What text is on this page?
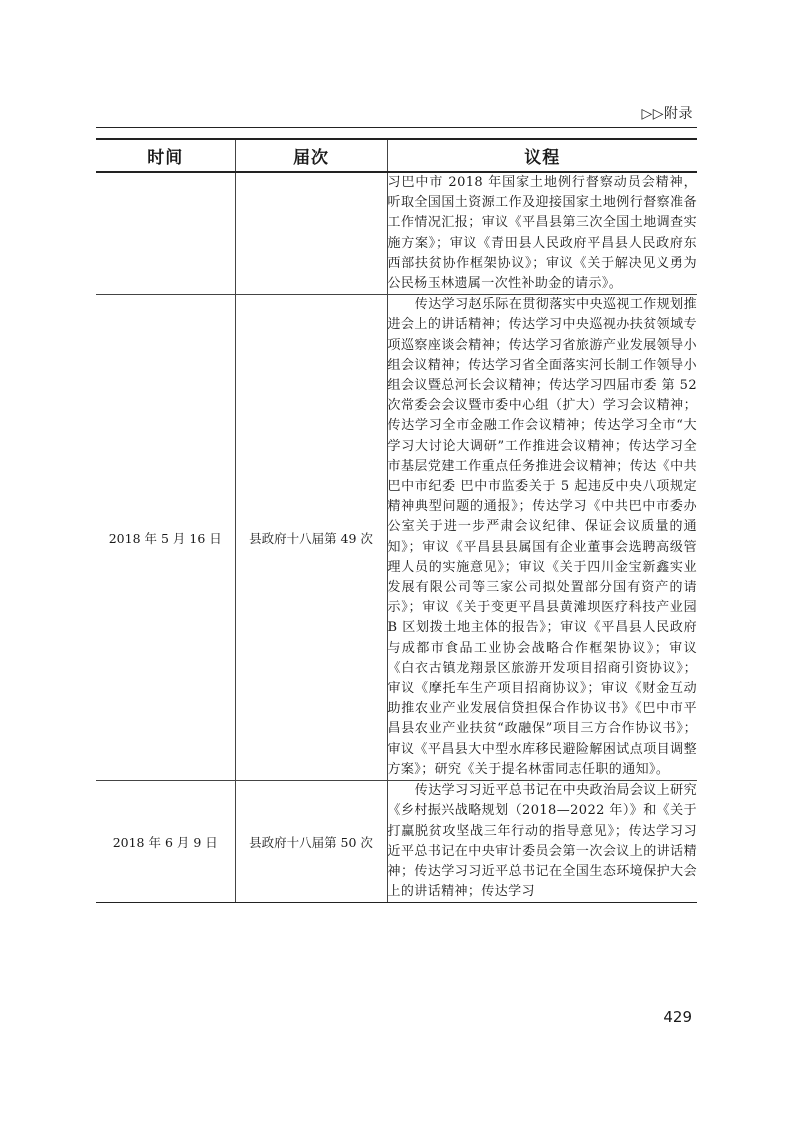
▷▷附录
时间	届次	议程

		习巴中市 2018 年国家土地例行督察动员会精神，听取全国国土资源工作及迎接国家土地例行督察准备工作情况汇报；审议《平昌县第三次全国土地调查实施方案》；审议《青田县人民政府平昌县人民政府东西部扶贫协作框架协议》；审议《关于解决见义勇为公民杨玉林遗属一次性补助金的请示》。

2018 年 5 月 16 日	县政府十八届第 49 次	传达学习赵乐际在贯彻落实中央巡视工作规划推进会上的讲话精神；传达学习中央巡视办扶贫领域专项巡察座谈会精神；传达学习省旅游产业发展领导小组会议精神；传达学习省全面落实河长制工作领导小组会议暨总河长会议精神；传达学习四届市委 第 52 次常委会会议暨市委中心组（扩大）学习会议精神；传达学习全市金融工作会议精神；传达学习全市“大学习大讨论大调研”工作推进会议精神；传达学习全市基层党建工作重点任务推进会议精神；传达《中共巴中市纪委 巴中市监委关于 5 起违反中央八项规定精神典型问题的通报》；传达学习《中共巴中市委办公室关于进一步严肃会议纪律、保证会议质量的通知》；审议《平昌县县属国有企业董事会选聘高级管理人员的实施意见》；审议《关于四川金宝新鑫实业发展有限公司等三家公司拟处置部分国有资产的请示》；审议《关于变更平昌县黄滩坝医疗科技产业园 B 区划拨土地主体的报告》；审议《平昌县人民政府与成都市食品工业协会战略合作框架协议》；审议《白衣古镇龙翔景区旅游开发项目招商引资协议》；审议《摩托车生产项目招商协议》；审议《财金互动助推农业产业发展信贷担保合作协议书》《巴中市平昌县农业产业扶贫“政融保”项目三方合作协议书》；审议《平昌县大中型水库移民避险解困试点项目调整方案》；研究《关于提名林雷同志任职的通知》。

2018 年 6 月 9 日	县政府十八届第 50 次	传达学习习近平总书记在中央政治局会议上研究《乡村振兴战略规划（2018—2022 年）》和《关于打赢脱贫攻坚战三年行动的指导意见》；传达学习习近平总书记在中央审计委员会第一次会议上的讲话精神；传达学习习近平总书记在全国生态环境保护大会上的讲话精神；传达学习
429
